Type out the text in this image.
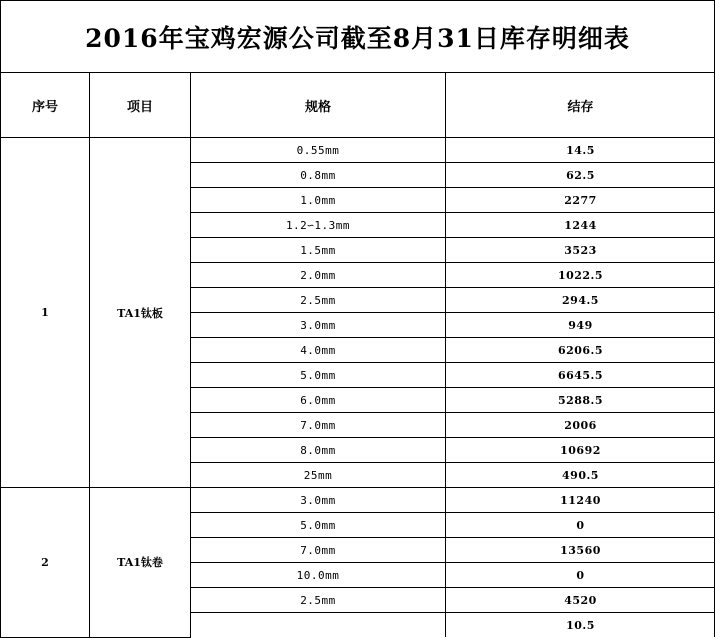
2016年宝鸡宏源公司截至8月31日库存明细表
序号	项目	规格	结存
1	TA1钛板	0.55mm	14.5
		0.8mm	62.5
		1.0mm	2277
		1.2∽1.3mm	1244
		1.5mm	3523
		2.0mm	1022.5
		2.5mm	294.5
		3.0mm	949
		4.0mm	6206.5
		5.0mm	6645.5
		6.0mm	5288.5
		7.0mm	2006
		8.0mm	10692
		25mm	490.5
2	TA1钛卷	3.0mm	11240
		5.0mm	0
		7.0mm	13560
		10.0mm	0
		2.5mm	4520
			10.5
